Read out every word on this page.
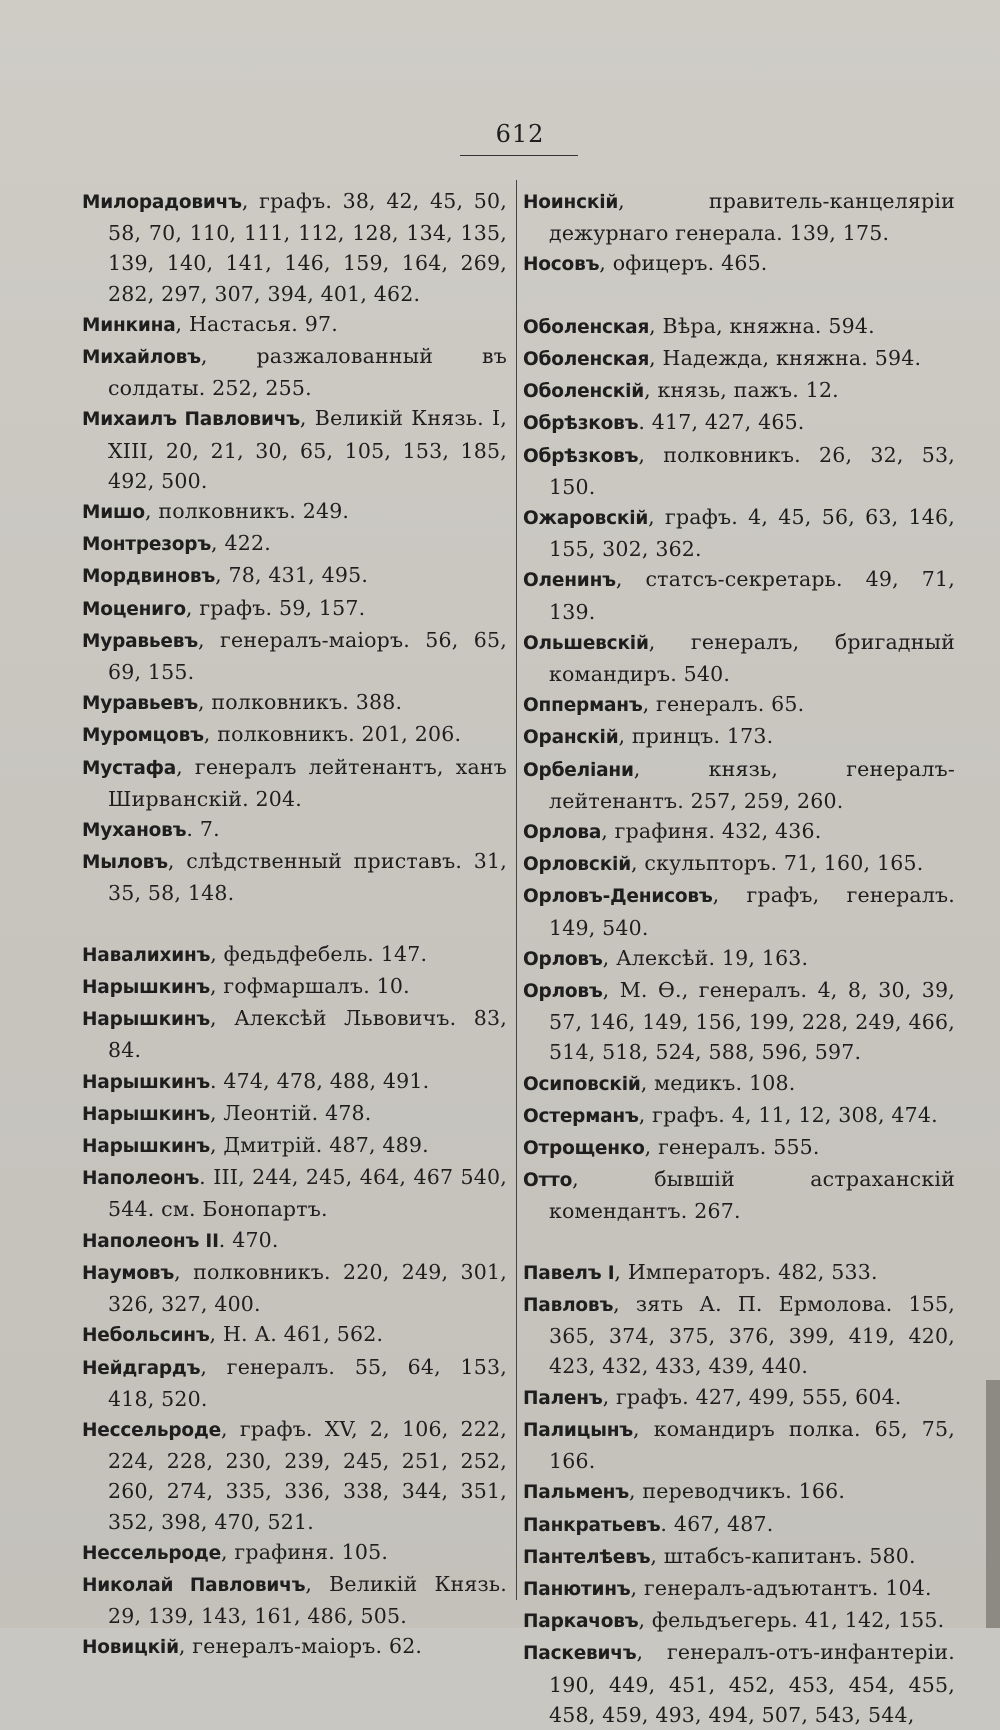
612
Милорадовичъ, графъ. 38, 42, 45, 50, 58, 70, 110, 111, 112, 128, 134, 135, 139, 140, 141, 146, 159, 164, 269, 282, 297, 307, 394, 401, 462.
Минкина, Настасья. 97.
Михайловъ, разжалованный въ солдаты. 252, 255.
Михаилъ Павловичъ, Великій Князь. I, XIII, 20, 21, 30, 65, 105, 153, 185, 492, 500.
Мишо, полковникъ. 249.
Монтрезоръ, 422.
Мордвиновъ, 78, 431, 495.
Моцениго, графъ. 59, 157.
Муравьевъ, генералъ-маіоръ. 56, 65, 69, 155.
Муравьевъ, полковникъ. 388.
Муромцовъ, полковникъ. 201, 206.
Мустафа, генералъ лейтенантъ, ханъ Ширванскій. 204.
Мухановъ. 7.
Мыловъ, слѣдственный приставъ. 31, 35, 58, 148.
Навалихинъ, федьдфебель. 147.
Нарышкинъ, гофмаршалъ. 10.
Нарышкинъ, Алексѣй Львовичъ. 83, 84.
Нарышкинъ. 474, 478, 488, 491.
Нарышкинъ, Леонтій. 478.
Нарышкинъ, Дмитрій. 487, 489.
Наполеонъ. III, 244, 245, 464, 467 540, 544. см. Бонопартъ.
Наполеонъ II. 470.
Наумовъ, полковникъ. 220, 249, 301, 326, 327, 400.
Небольсинъ, Н. А. 461, 562.
Нейдгардъ, генералъ. 55, 64, 153, 418, 520.
Нессельроде, графъ. XV, 2, 106, 222, 224, 228, 230, 239, 245, 251, 252, 260, 274, 335, 336, 338, 344, 351, 352, 398, 470, 521.
Нессельроде, графиня. 105.
Николай Павловичъ, Великій Князь. 29, 139, 143, 161, 486, 505.
Новицкій, генералъ-маіоръ. 62.
Ноинскій, правитель-канцеляріи дежурнаго генерала. 139, 175.
Носовъ, офицеръ. 465.
Оболенская, Вѣра, княжна. 594.
Оболенская, Надежда, княжна. 594.
Оболенскій, князь, пажъ. 12.
Обрѣзковъ. 417, 427, 465.
Обрѣзковъ, полковникъ. 26, 32, 53, 150.
Ожаровскій, графъ. 4, 45, 56, 63, 146, 155, 302, 362.
Оленинъ, статсъ-секретарь. 49, 71, 139.
Ольшевскій, генералъ, бригадный командиръ. 540.
Опперманъ, генералъ. 65.
Оранскій, принцъ. 173.
Орбеліани, князь, генералъ-лейтенантъ. 257, 259, 260.
Орлова, графиня. 432, 436.
Орловскій, скульпторъ. 71, 160, 165.
Орловъ-Денисовъ, графъ, генералъ. 149, 540.
Орловъ, Алексѣй. 19, 163.
Орловъ, М. Ѳ., генералъ. 4, 8, 30, 39, 57, 146, 149, 156, 199, 228, 249, 466, 514, 518, 524, 588, 596, 597.
Осиповскій, медикъ. 108.
Остерманъ, графъ. 4, 11, 12, 308, 474.
Отрощенко, генералъ. 555.
Отто, бывшій астраханскій комендантъ. 267.
Павелъ I, Императоръ. 482, 533.
Павловъ, зять А. П. Ермолова. 155, 365, 374, 375, 376, 399, 419, 420, 423, 432, 433, 439, 440.
Паленъ, графъ. 427, 499, 555, 604.
Палицынъ, командиръ полка. 65, 75, 166.
Пальменъ, переводчикъ. 166.
Панкратьевъ. 467, 487.
Пантелѣевъ, штабсъ-капитанъ. 580.
Панютинъ, генералъ-адъютантъ. 104.
Паркачовъ, фельдъегерь. 41, 142, 155.
Паскевичъ, генералъ-отъ-инфантеріи. 190, 449, 451, 452, 453, 454, 455, 458, 459, 493, 494, 507, 543, 544,
